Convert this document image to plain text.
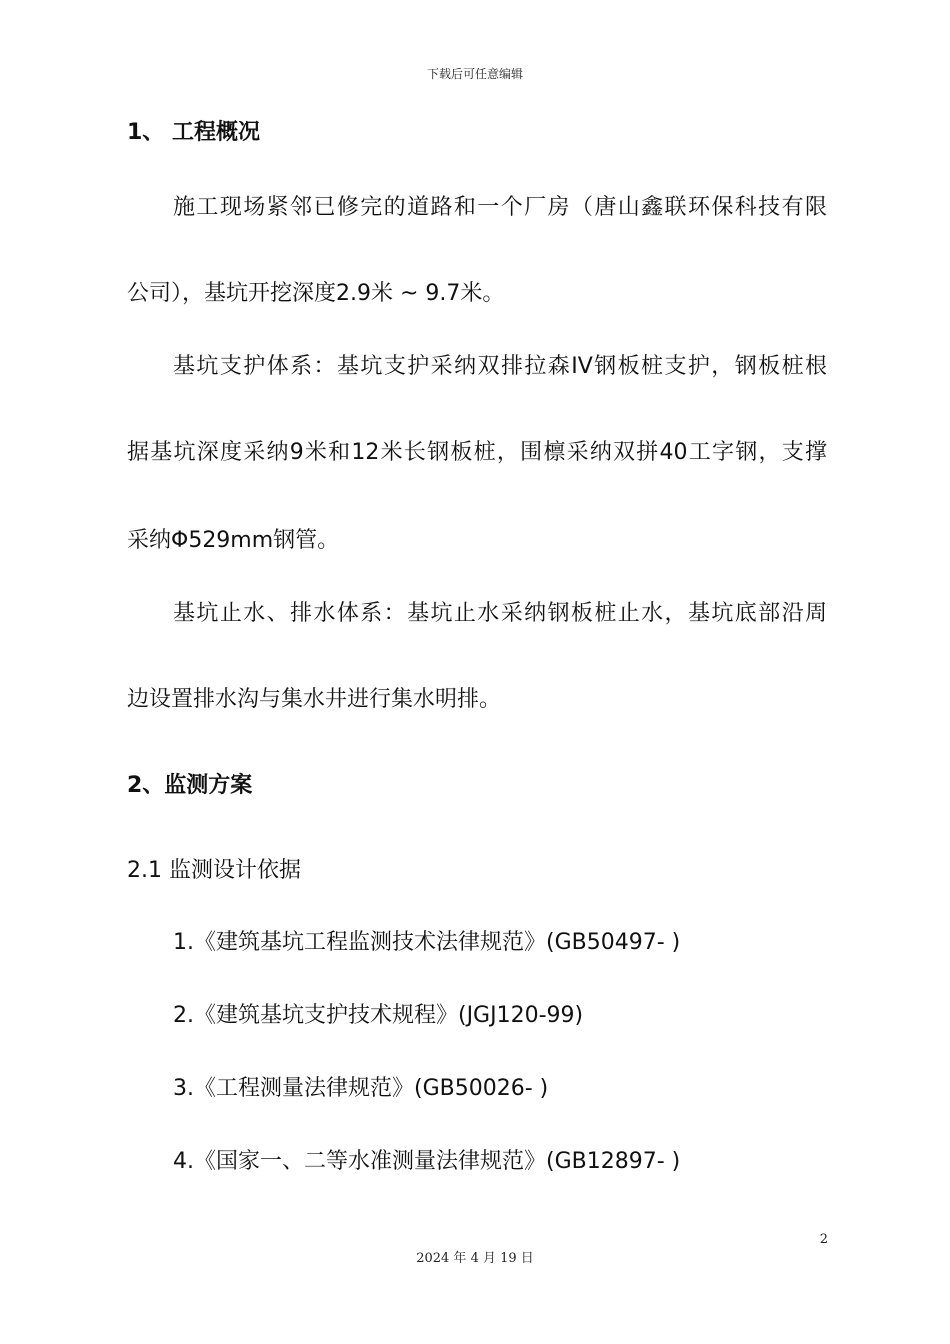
下载后可任意编辑
1、 工程概况
施工现场紧邻已修完的道路和一个厂房（唐山鑫联环保科技有限
公司），基坑开挖深度2.9米 ~ 9.7米。
基坑支护体系：基坑支护采纳双排拉森IV钢板桩支护，钢板桩根
据基坑深度采纳9米和12米长钢板桩，围檩采纳双拼40工字钢，支撑
采纳Φ529mm钢管。
基坑止水、排水体系：基坑止水采纳钢板桩止水，基坑底部沿周
边设置排水沟与集水井进行集水明排。
2、监测方案
2.1 监测设计依据
1.《建筑基坑工程监测技术法律规范》(GB50497- )
2.《建筑基坑支护技术规程》(JGJ120-99)
3.《工程测量法律规范》(GB50026- )
4.《国家一、二等水准测量法律规范》(GB12897- )
2
2024 年 4 月 19 日
